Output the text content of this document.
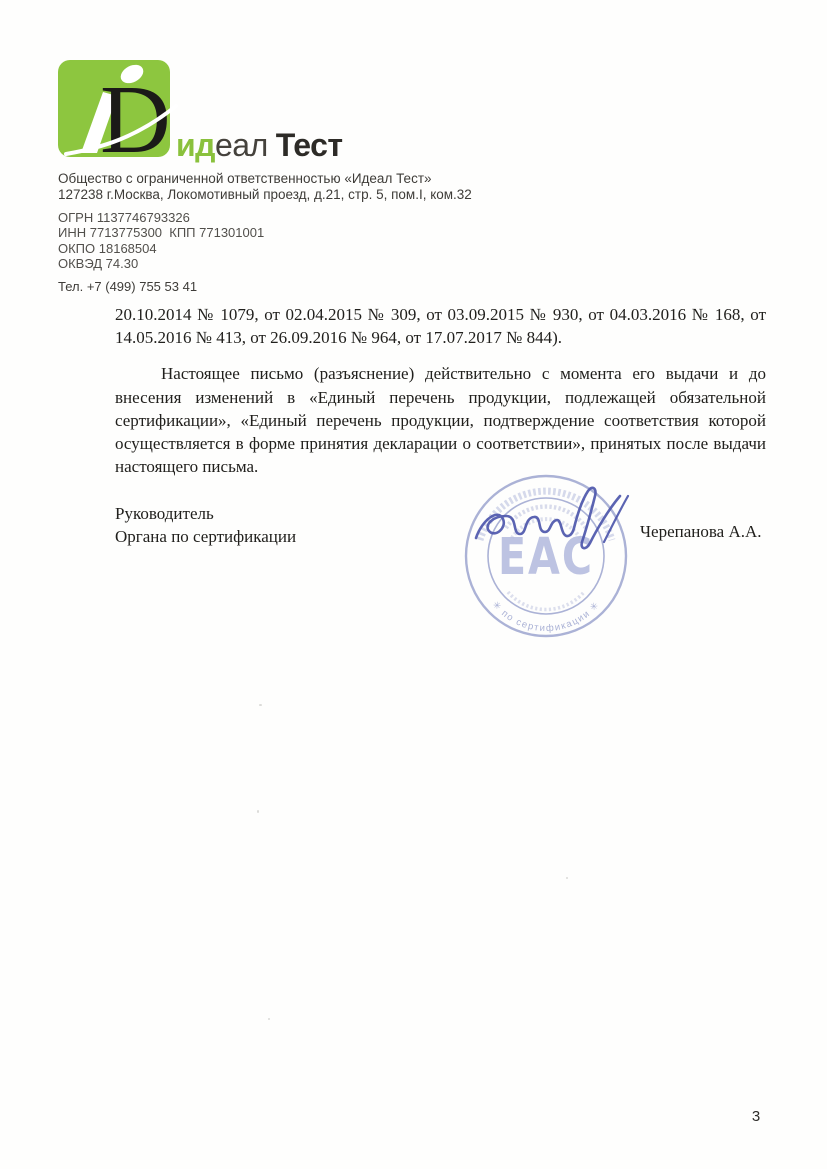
D идеал Тест
Общество с ограниченной ответственностью «Идеал Тест»
127238 г.Москва, Локомотивный проезд, д.21, стр. 5, пом.I, ком.32
ОГРН 1137746793326
ИНН 7713775300  КПП 771301001
ОКПО 18168504
ОКВЭД 74.30
Тел. +7 (499) 755 53 41

20.10.2014 № 1079, от 02.04.2015 № 309, от 03.09.2015 № 930, от 04.03.2016 № 168, от 14.05.2016 № 413, от 26.09.2016 № 964, от 17.07.2017 № 844).

Настоящее письмо (разъяснение) действительно с момента его выдачи и до внесения изменений в «Единый перечень продукции, подлежащей обязательной сертификации», «Единый перечень продукции, подтверждение соответствия которой осуществляется в форме принятия декларации о соответствии», принятых после выдачи настоящего письма.

Руководитель
Органа по сертификации	Черепанова А.А.
✳ по сертификации ✳
ЕАС
3
